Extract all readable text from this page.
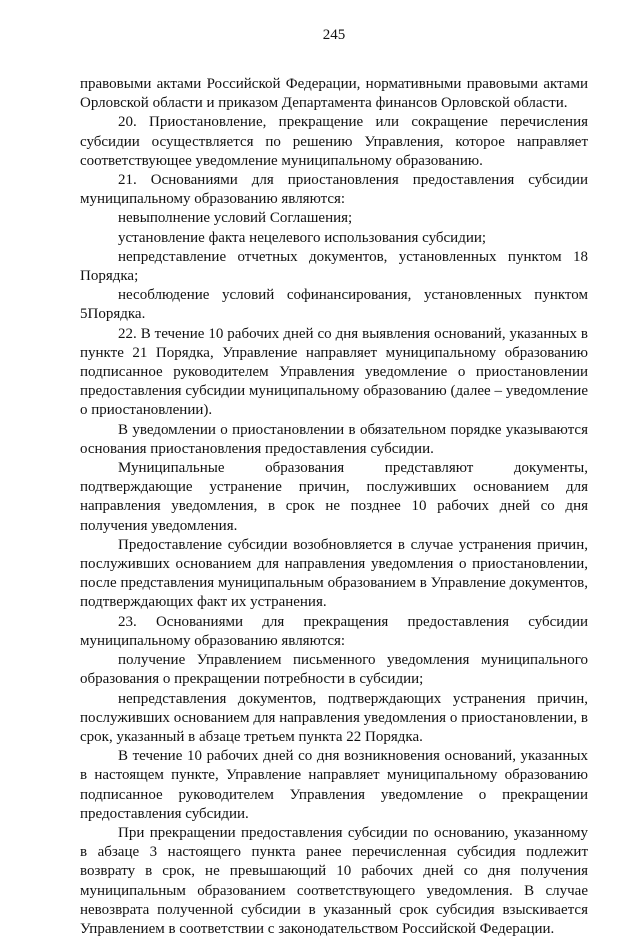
245

правовыми актами Российской Федерации, нормативными правовыми актами Орловской области и приказом Департамента финансов Орловской области.

20. Приостановление, прекращение или сокращение перечисления субсидии осуществляется по решению Управления, которое направляет соответствующее уведомление муниципальному образованию.

21. Основаниями для приостановления предоставления субсидии муниципальному образованию являются:

невыполнение условий Соглашения;

установление факта нецелевого использования субсидии;

непредставление отчетных документов, установленных пунктом 18 Порядка;

несоблюдение условий софинансирования, установленных пунктом 5Порядка.

22. В течение 10 рабочих дней со дня выявления оснований, указанных в пункте 21 Порядка, Управление направляет муниципальному образованию подписанное руководителем Управления уведомление о приостановлении предоставления субсидии муниципальному образованию (далее – уведомление о приостановлении).

В уведомлении о приостановлении в обязательном порядке указываются основания приостановления предоставления субсидии.

Муниципальные образования представляют документы, подтверждающие устранение причин, послуживших основанием для направления уведомления, в срок не позднее 10 рабочих дней со дня получения уведомления.

Предоставление субсидии возобновляется в случае устранения причин, послуживших основанием для направления уведомления о приостановлении, после представления муниципальным образованием в Управление документов, подтверждающих факт их устранения.

23. Основаниями для прекращения предоставления субсидии муниципальному образованию являются:

получение Управлением письменного уведомления муниципального образования о прекращении потребности в субсидии;

непредставления документов, подтверждающих устранения причин, послуживших основанием для направления уведомления о приостановлении, в срок, указанный в абзаце третьем пункта 22 Порядка.

В течение 10 рабочих дней со дня возникновения оснований, указанных в настоящем пункте, Управление направляет муниципальному образованию подписанное руководителем Управления уведомление о прекращении предоставления субсидии.

При прекращении предоставления субсидии по основанию, указанному в абзаце 3 настоящего пункта ранее перечисленная субсидия подлежит возврату в срок, не превышающий 10 рабочих дней со дня получения муниципальным образованием соответствующего уведомления. В случае невозврата полученной субсидии в указанный срок субсидия взыскивается Управлением в соответствии с законодательством Российской Федерации.
